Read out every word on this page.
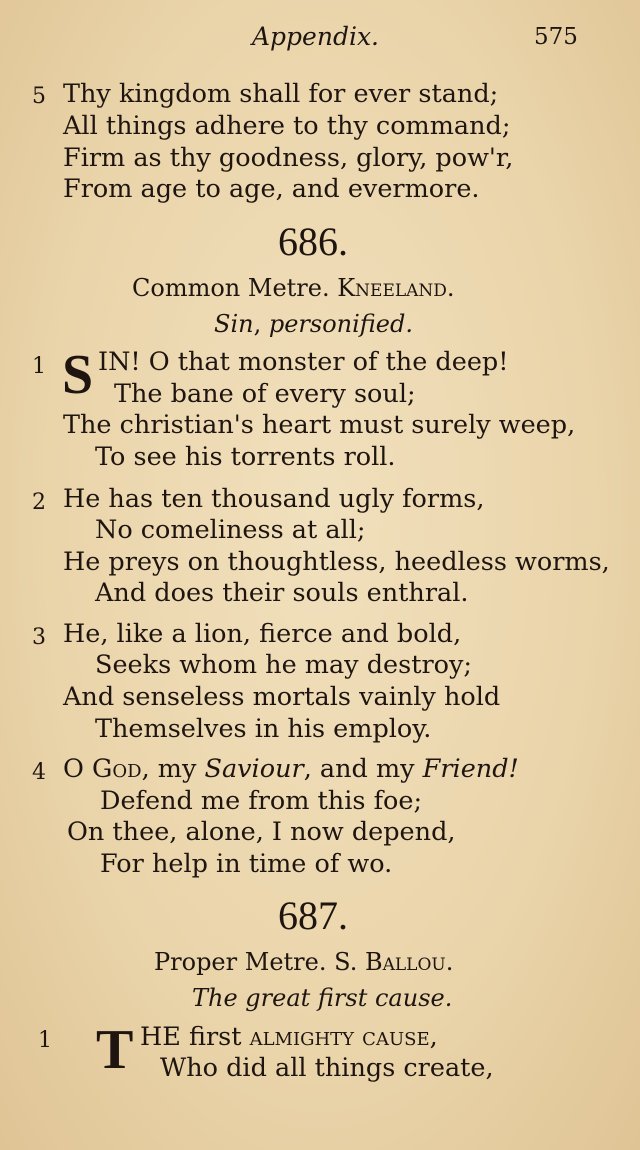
Appendix.	575
5 Thy kingdom shall for ever stand;
All things adhere to thy command;
Firm as thy goodness, glory, pow'r,
From age to age, and evermore.
686.
Common Metre. Kneeland.
Sin, personified.
1 S IN! O that monster of the deep!
The bane of every soul;
The christian's heart must surely weep,
To see his torrents roll.
2 He has ten thousand ugly forms,
No comeliness at all;
He preys on thoughtless, heedless worms,
And does their souls enthral.
3 He, like a lion, fierce and bold,
Seeks whom he may destroy;
And senseless mortals vainly hold
Themselves in his employ.
4 O God, my Saviour, and my Friend!
Defend me from this foe;
On thee, alone, I now depend,
For help in time of wo.
687.
Proper Metre. S. Ballou.
The great first cause.
1 T HE first almighty cause,
Who did all things create,
